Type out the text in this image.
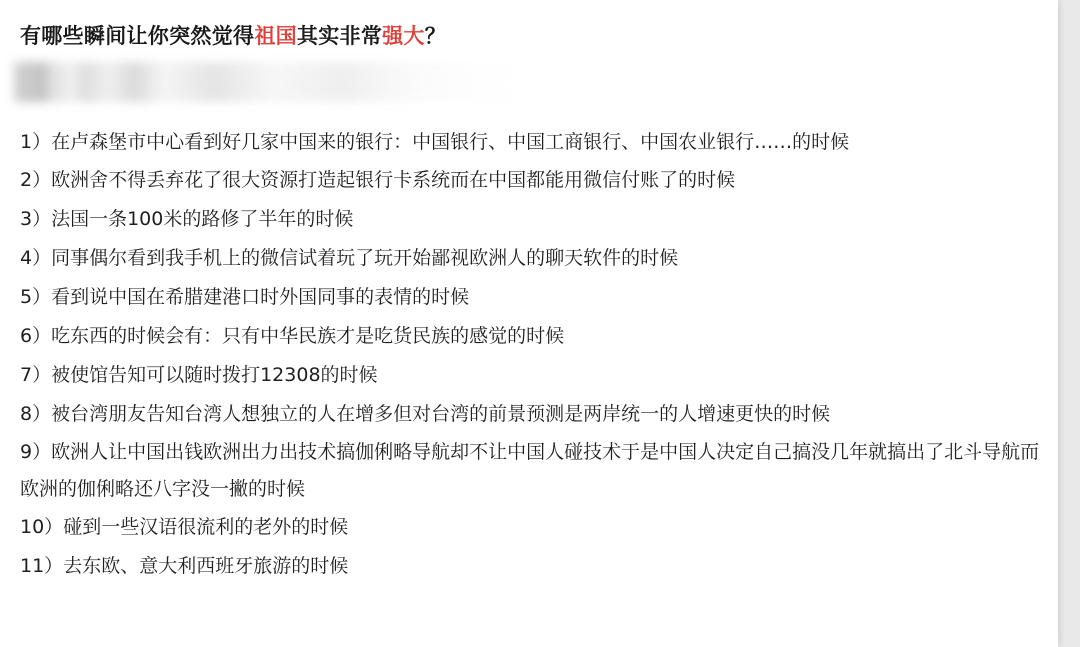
有哪些瞬间让你突然觉得祖国其实非常强大？
1）在卢森堡市中心看到好几家中国来的银行：中国银行、中国工商银行、中国农业银行……的时候
2）欧洲舍不得丢弃花了很大资源打造起银行卡系统而在中国都能用微信付账了的时候
3）法国一条100米的路修了半年的时候
4）同事偶尔看到我手机上的微信试着玩了玩开始鄙视欧洲人的聊天软件的时候
5）看到说中国在希腊建港口时外国同事的表情的时候
6）吃东西的时候会有：只有中华民族才是吃货民族的感觉的时候
7）被使馆告知可以随时拨打12308的时候
8）被台湾朋友告知台湾人想独立的人在增多但对台湾的前景预测是两岸统一的人增速更快的时候
9）欧洲人让中国出钱欧洲出力出技术搞伽俐略导航却不让中国人碰技术于是中国人决定自己搞没几年就搞出了北斗导航而欧洲的伽俐略还八字没一撇的时候
10）碰到一些汉语很流利的老外的时候
11）去东欧、意大利西班牙旅游的时候
